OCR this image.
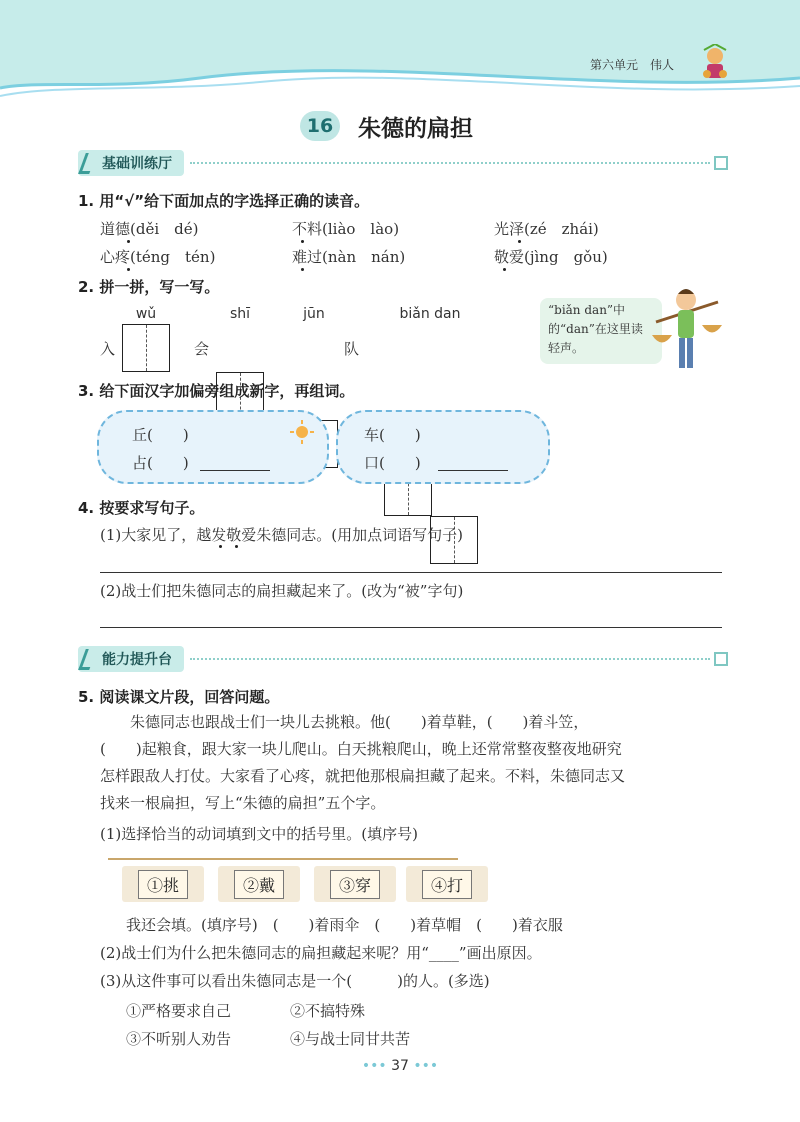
第六单元　伟人
16 朱德的扁担
基础训练厅
1. 用“√”给下面加点的字选择正确的读音。
道德(děi　dé)	不料(liào　lào)	光泽(zé　zhái)
心疼(téng　tén)	难过(nàn　nán)	敬爱(jìng　gǒu)
2. 拼一拼，写一写。
wǔ	shī	jūn	biǎn dan
入	会	队
“biǎn dan”中的“dan”在这里读轻声。
3. 给下面汉字加偏旁组成新字，再组词。
丘(　　)
占(　　)
车(　　)
口(　　)
4. 按要求写句子。
(1)大家见了，越发敬爱朱德同志。(用加点词语写句子)
(2)战士们把朱德同志的扁担藏起来了。(改为“被”字句)
能力提升台
5. 阅读课文片段，回答问题。
朱德同志也跟战士们一块儿去挑粮。他(　　)着草鞋，(　　)着斗笠，
(　　)起粮食，跟大家一块儿爬山。白天挑粮爬山，晚上还常常整夜整夜地研究
怎样跟敌人打仗。大家看了心疼，就把他那根扁担藏了起来。不料，朱德同志又
找来一根扁担，写上“朱德的扁担”五个字。
(1)选择恰当的动词填到文中的括号里。(填序号)
①挑	②戴	③穿	④打
我还会填。(填序号)　(　　)着雨伞　(　　)着草帽　(　　)着衣服
(2)战士们为什么把朱德同志的扁担藏起来呢？用“____”画出原因。
(3)从这件事可以看出朱德同志是一个(　　　)的人。(多选)
①严格要求自己	②不搞特殊
③不听别人劝告	④与战士同甘共苦
••• 37 •••
